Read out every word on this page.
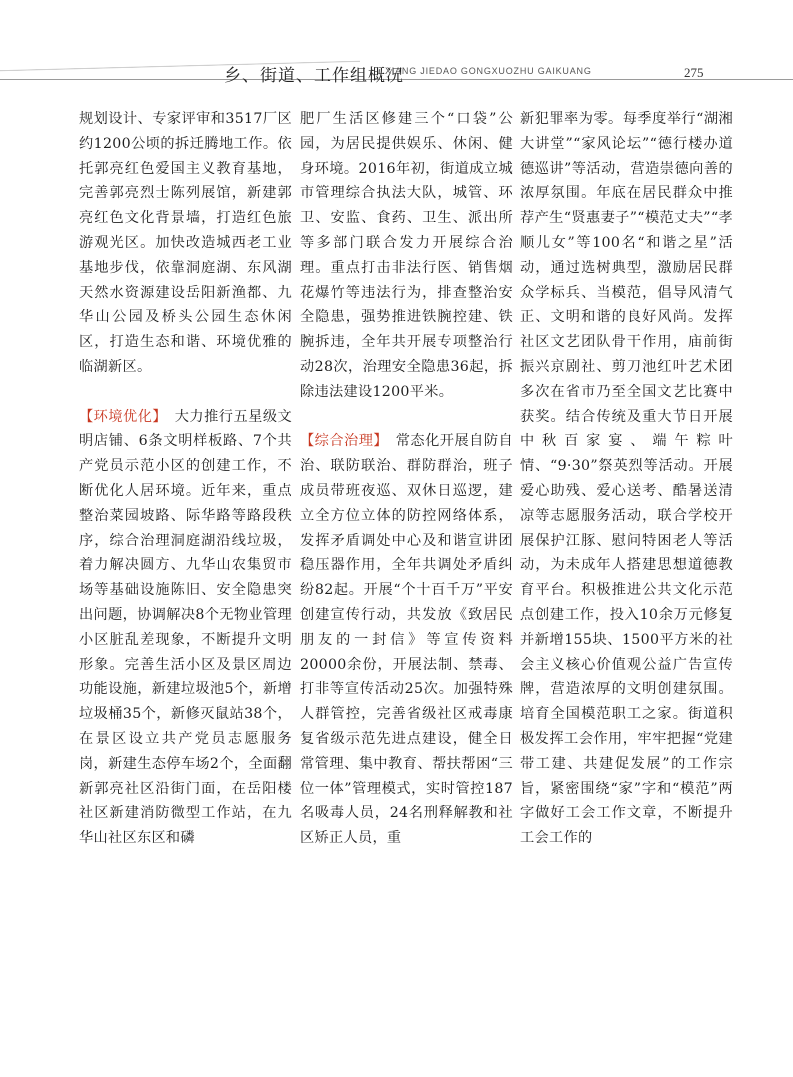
乡、街道、工作组概况
XIANG JIEDAO GONGXUOZHU GAIKUANG	275

规划设计、专家评审和3517厂区约1200公顷的拆迁腾地工作。依托郭亮红色爱国主义教育基地，完善郭亮烈士陈列展馆，新建郭亮红色文化背景墙，打造红色旅游观光区。加快改造城西老工业基地步伐，依靠洞庭湖、东风湖天然水资源建设岳阳新渔都、九华山公园及桥头公园生态休闲区，打造生态和谐、环境优雅的临湖新区。

【环境优化】　大力推行五星级文明店铺、6条文明样板路、7个共产党员示范小区的创建工作，不断优化人居环境。近年来，重点整治菜园坡路、际华路等路段秩序，综合治理洞庭湖沿线垃圾，着力解决圆方、九华山农集贸市场等基础设施陈旧、安全隐患突出问题，协调解决8个无物业管理小区脏乱差现象，不断提升文明形象。完善生活小区及景区周边功能设施，新建垃圾池5个，新增垃圾桶35个，新修灭鼠站38个，在景区设立共产党员志愿服务岗，新建生态停车场2个，全面翻新郭亮社区沿街门面，在岳阳楼社区新建消防微型工作站，在九华山社区东区和磷

肥厂生活区修建三个“口袋”公园，为居民提供娱乐、休闲、健身环境。2016年初，街道成立城市管理综合执法大队，城管、环卫、安监、食药、卫生、派出所等多部门联合发力开展综合治理。重点打击非法行医、销售烟花爆竹等违法行为，排查整治安全隐患，强势推进铁腕控建、铁腕拆违，全年共开展专项整治行动28次，治理安全隐患36起，拆除违法建设1200平米。

【综合治理】　常态化开展自防自治、联防联治、群防群治，班子成员带班夜巡、双休日巡逻，建立全方位立体的防控网络体系，发挥矛盾调处中心及和谐宣讲团稳压器作用，全年共调处矛盾纠纷82起。开展“个十百千万”平安创建宣传行动，共发放《致居民朋友的一封信》等宣传资料20000余份，开展法制、禁毒、打非等宣传活动25次。加强特殊人群管控，完善省级社区戒毒康复省级示范先进点建设，健全日常管理、集中教育、帮扶帮困“三位一体”管理模式，实时管控187名吸毒人员，24名刑释解教和社区矫正人员，重

新犯罪率为零。每季度举行“湖湘大讲堂”“家风论坛”“德行楼办道德巡讲”等活动，营造崇德向善的浓厚氛围。年底在居民群众中推荐产生“贤惠妻子”“模范丈夫”“孝顺儿女”等100名“和谐之星”活动，通过选树典型，激励居民群众学标兵、当模范，倡导风清气正、文明和谐的良好风尚。发挥社区文艺团队骨干作用，庙前街振兴京剧社、剪刀池红叶艺术团多次在省市乃至全国文艺比赛中获奖。结合传统及重大节日开展中秋百家宴、端午粽叶情、“9·30”祭英烈等活动。开展爱心助残、爱心送考、酷暑送清凉等志愿服务活动，联合学校开展保护江豚、慰问特困老人等活动，为未成年人搭建思想道德教育平台。积极推进公共文化示范点创建工作，投入10余万元修复并新增155块、1500平方米的社会主义核心价值观公益广告宣传牌，营造浓厚的文明创建氛围。培育全国模范职工之家。街道积极发挥工会作用，牢牢把握“党建带工建、共建促发展”的工作宗旨，紧密围绕“家”字和“模范”两字做好工会工作文章，不断提升工会工作的
